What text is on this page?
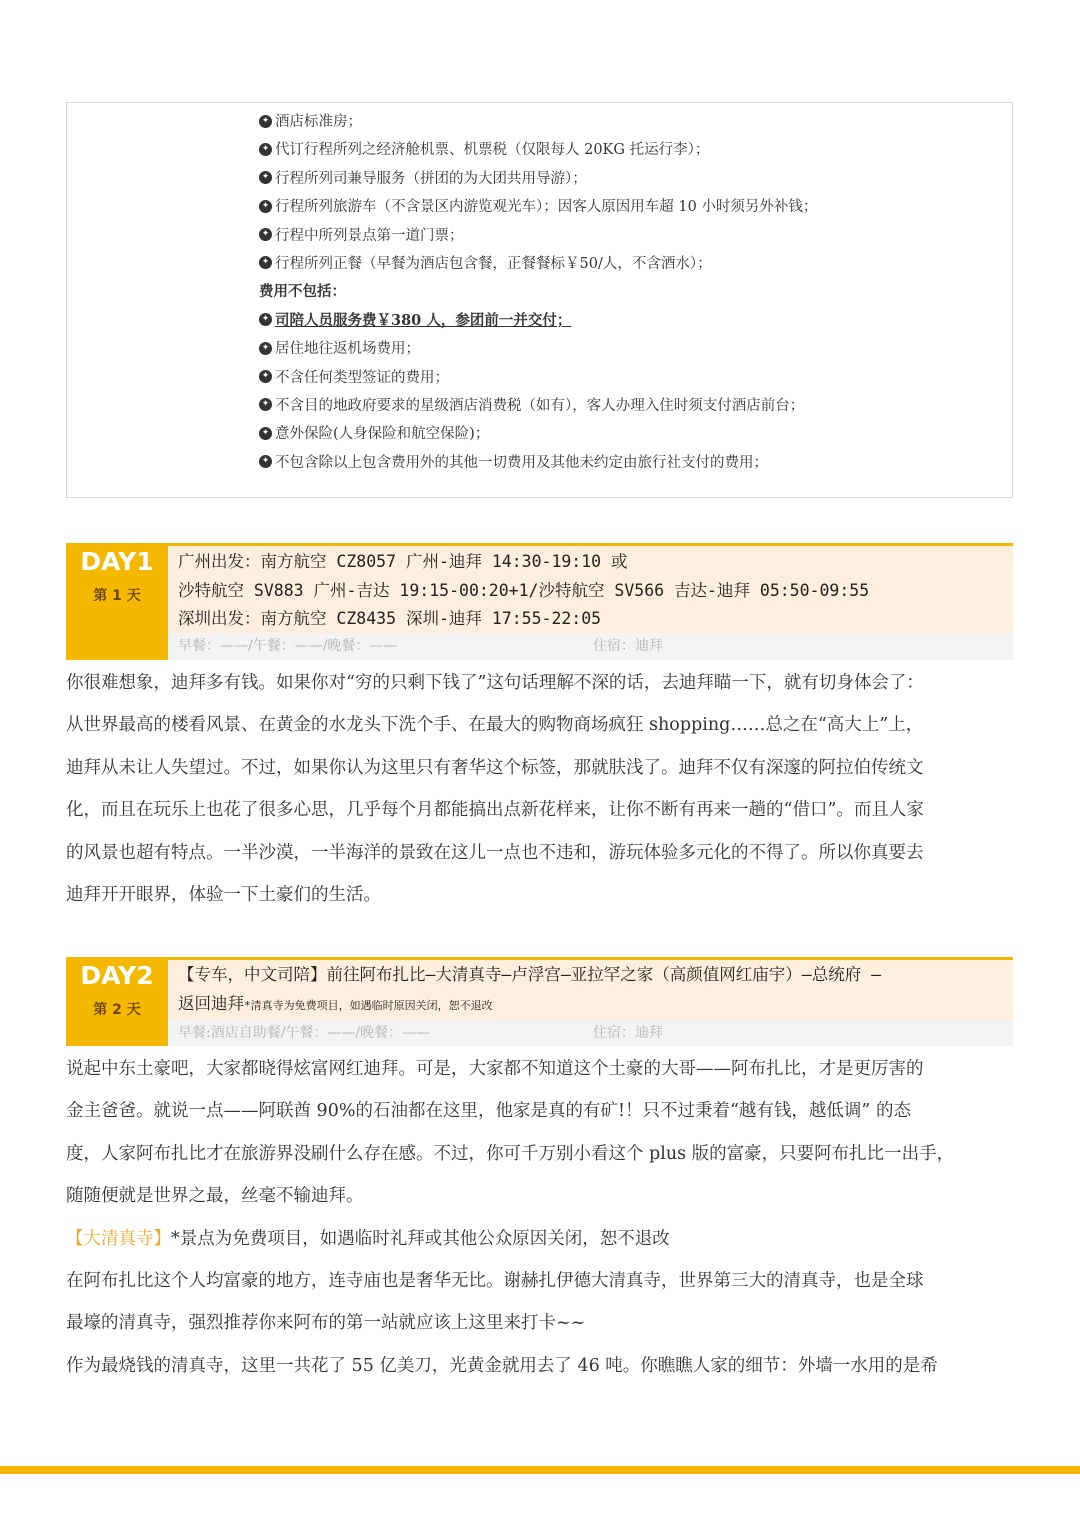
✦ 酒店标准房；
✦ 代订行程所列之经济舱机票、机票税（仅限每人 20KG 托运行李）；
✦ 行程所列司兼导服务（拼团的为大团共用导游）；
✦ 行程所列旅游车（不含景区内游览观光车）；因客人原因用车超 10 小时须另外补钱；
✦ 行程中所列景点第一道门票；
✦ 行程所列正餐（早餐为酒店包含餐，正餐餐标￥50/人，不含酒水）；
费用不包括：
✦ 司陪人员服务费￥380 人，参团前一并交付；
✦ 居住地往返机场费用；
✦ 不含任何类型签证的费用；
✦ 不含目的地政府要求的星级酒店消费税（如有），客人办理入住时须支付酒店前台；
✦ 意外保险(人身保险和航空保险)；
✦ 不包含除以上包含费用外的其他一切费用及其他未约定由旅行社支付的费用；
DAY1
第 1 天
广州出发：南方航空 CZ8057 广州-迪拜 14:30-19:10 或
沙特航空 SV883 广州-吉达 19:15-00:20+1/沙特航空 SV566 吉达-迪拜 05:50-09:55
深圳出发：南方航空 CZ8435 深圳-迪拜 17:55-22:05
早餐：——/午餐：——/晚餐：——	住宿：迪拜
你很难想象，迪拜多有钱。如果你对“穷的只剩下钱了”这句话理解不深的话，去迪拜瞄一下，就有切身体会了：
从世界最高的楼看风景、在黄金的水龙头下洗个手、在最大的购物商场疯狂 shopping……总之在“高大上”上，
迪拜从未让人失望过。不过，如果你认为这里只有奢华这个标签，那就肤浅了。迪拜不仅有深邃的阿拉伯传统文
化，而且在玩乐上也花了很多心思，几乎每个月都能搞出点新花样来，让你不断有再来一趟的“借口”。而且人家
的风景也超有特点。一半沙漠，一半海洋的景致在这儿一点也不违和，游玩体验多元化的不得了。所以你真要去
迪拜开开眼界，体验一下土豪们的生活。
DAY2
第 2 天
【专车，中文司陪】前往阿布扎比—大清真寺—卢浮宫—亚拉罕之家（高颜值网红庙宇）—总统府 —
返回迪拜*清真寺为免费项目，如遇临时原因关闭，恕不退改
早餐:酒店自助餐/午餐：——/晚餐：——	住宿：迪拜
说起中东土豪吧，大家都晓得炫富网红迪拜。可是，大家都不知道这个土豪的大哥——阿布扎比，才是更厉害的
金主爸爸。就说一点——阿联酋 90%的石油都在这里，他家是真的有矿!！只不过秉着“越有钱，越低调” 的态
度，人家阿布扎比才在旅游界没刷什么存在感。不过，你可千万别小看这个 plus 版的富豪，只要阿布扎比一出手，
随随便就是世界之最，丝毫不输迪拜。
【大清真寺】*景点为免费项目，如遇临时礼拜或其他公众原因关闭，恕不退改
在阿布扎比这个人均富豪的地方，连寺庙也是奢华无比。谢赫扎伊德大清真寺，世界第三大的清真寺，也是全球
最壕的清真寺，强烈推荐你来阿布的第一站就应该上这里来打卡~~
作为最烧钱的清真寺，这里一共花了 55 亿美刀，光黄金就用去了 46 吨。你瞧瞧人家的细节：外墙一水用的是希
